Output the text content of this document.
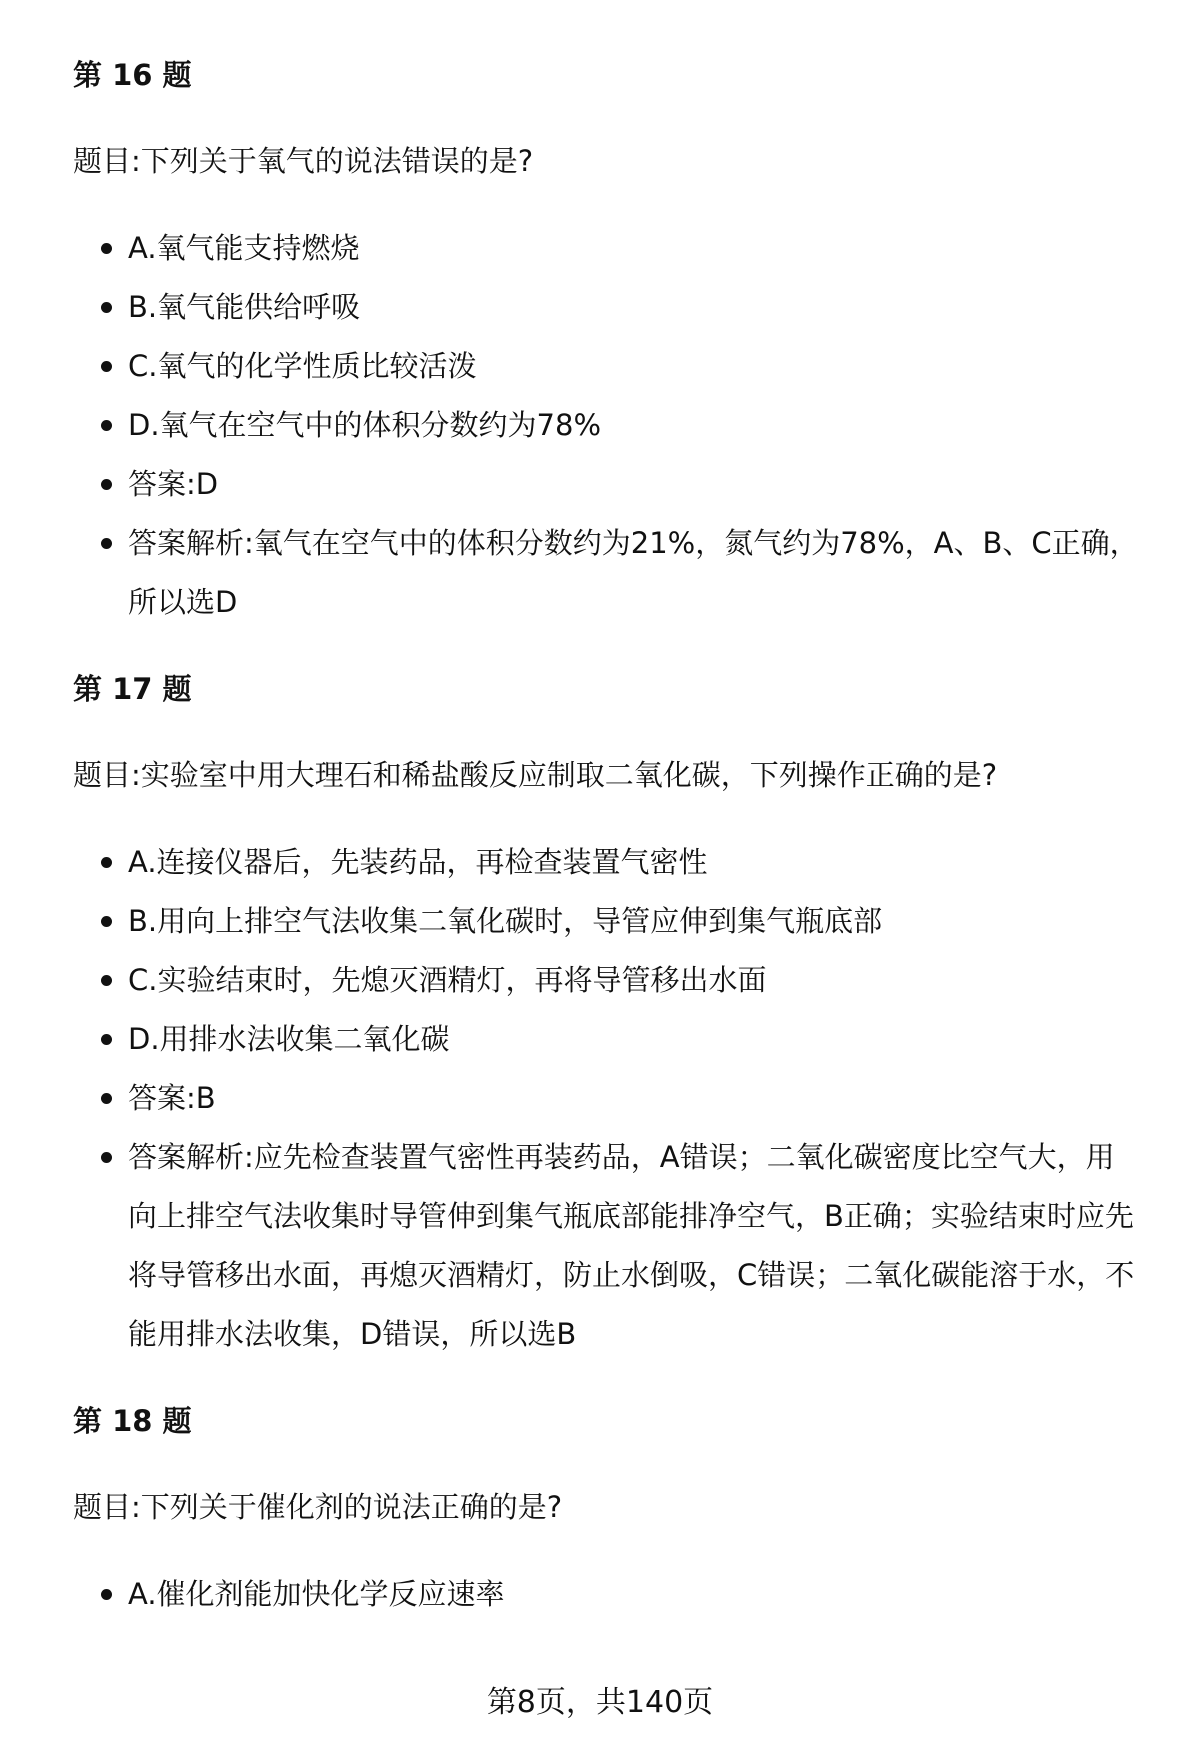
第 16 题

题目:下列关于氧气的说法错误的是?

A.氧气能支持燃烧
B.氧气能供给呼吸
C.氧气的化学性质比较活泼
D.氧气在空气中的体积分数约为78%
答案:D
答案解析:氧气在空气中的体积分数约为21%，氮气约为78%，A、B、C正确，所以选D
第 17 题

题目:实验室中用大理石和稀盐酸反应制取二氧化碳，下列操作正确的是?

A.连接仪器后，先装药品，再检查装置气密性
B.用向上排空气法收集二氧化碳时，导管应伸到集气瓶底部
C.实验结束时，先熄灭酒精灯，再将导管移出水面
D.用排水法收集二氧化碳
答案:B
答案解析:应先检查装置气密性再装药品，A错误；二氧化碳密度比空气大，用向上排空气法收集时导管伸到集气瓶底部能排净空气，B正确；实验结束时应先将导管移出水面，再熄灭酒精灯，防止水倒吸，C错误；二氧化碳能溶于水，不能用排水法收集，D错误，所以选B
第 18 题

题目:下列关于催化剂的说法正确的是?

A.催化剂能加快化学反应速率
第8页，共140页
